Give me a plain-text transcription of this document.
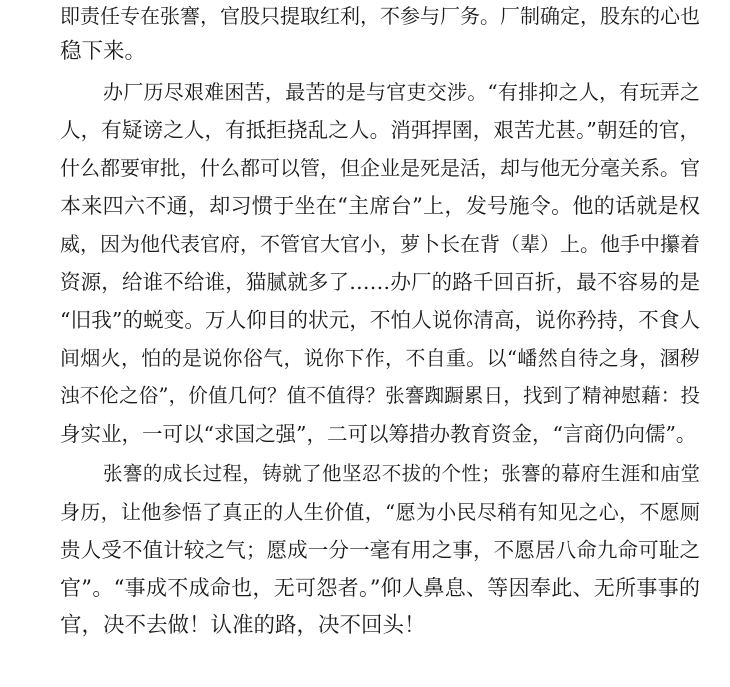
即责任专在张謇，官股只提取红利，不参与厂务。厂制确定，股东的心也
稳下来。
办厂历尽艰难困苦，最苦的是与官吏交涉。“有排抑之人，有玩弄之
人，有疑谤之人，有抵拒挠乱之人。消弭捍圉，艰苦尤甚。”朝廷的官，
什么都要审批，什么都可以管，但企业是死是活，却与他无分毫关系。官
本来四六不通，却习惯于坐在“主席台”上，发号施令。他的话就是权
威，因为他代表官府，不管官大官小，萝卜长在背（辈）上。他手中攥着
资源，给谁不给谁，猫腻就多了……办厂的路千回百折，最不容易的是
“旧我”的蜕变。万人仰目的状元，不怕人说你清高，说你矜持，不食人
间烟火，怕的是说你俗气，说你下作，不自重。以“嶓然自待之身，溷秽
浊不伦之俗”，价值几何？值不值得？张謇踟蹰累日，找到了精神慰藉：投
身实业，一可以“求国之强”，二可以筹措办教育资金，“言商仍向儒”。
张謇的成长过程，铸就了他坚忍不拔的个性；张謇的幕府生涯和庙堂
身历，让他参悟了真正的人生价值，“愿为小民尽稍有知见之心，不愿厕
贵人受不值计较之气；愿成一分一毫有用之事，不愿居八命九命可耻之
官”。“事成不成命也，无可怨者。”仰人鼻息、等因奉此、无所事事的
官，决不去做！认准的路，决不回头！
